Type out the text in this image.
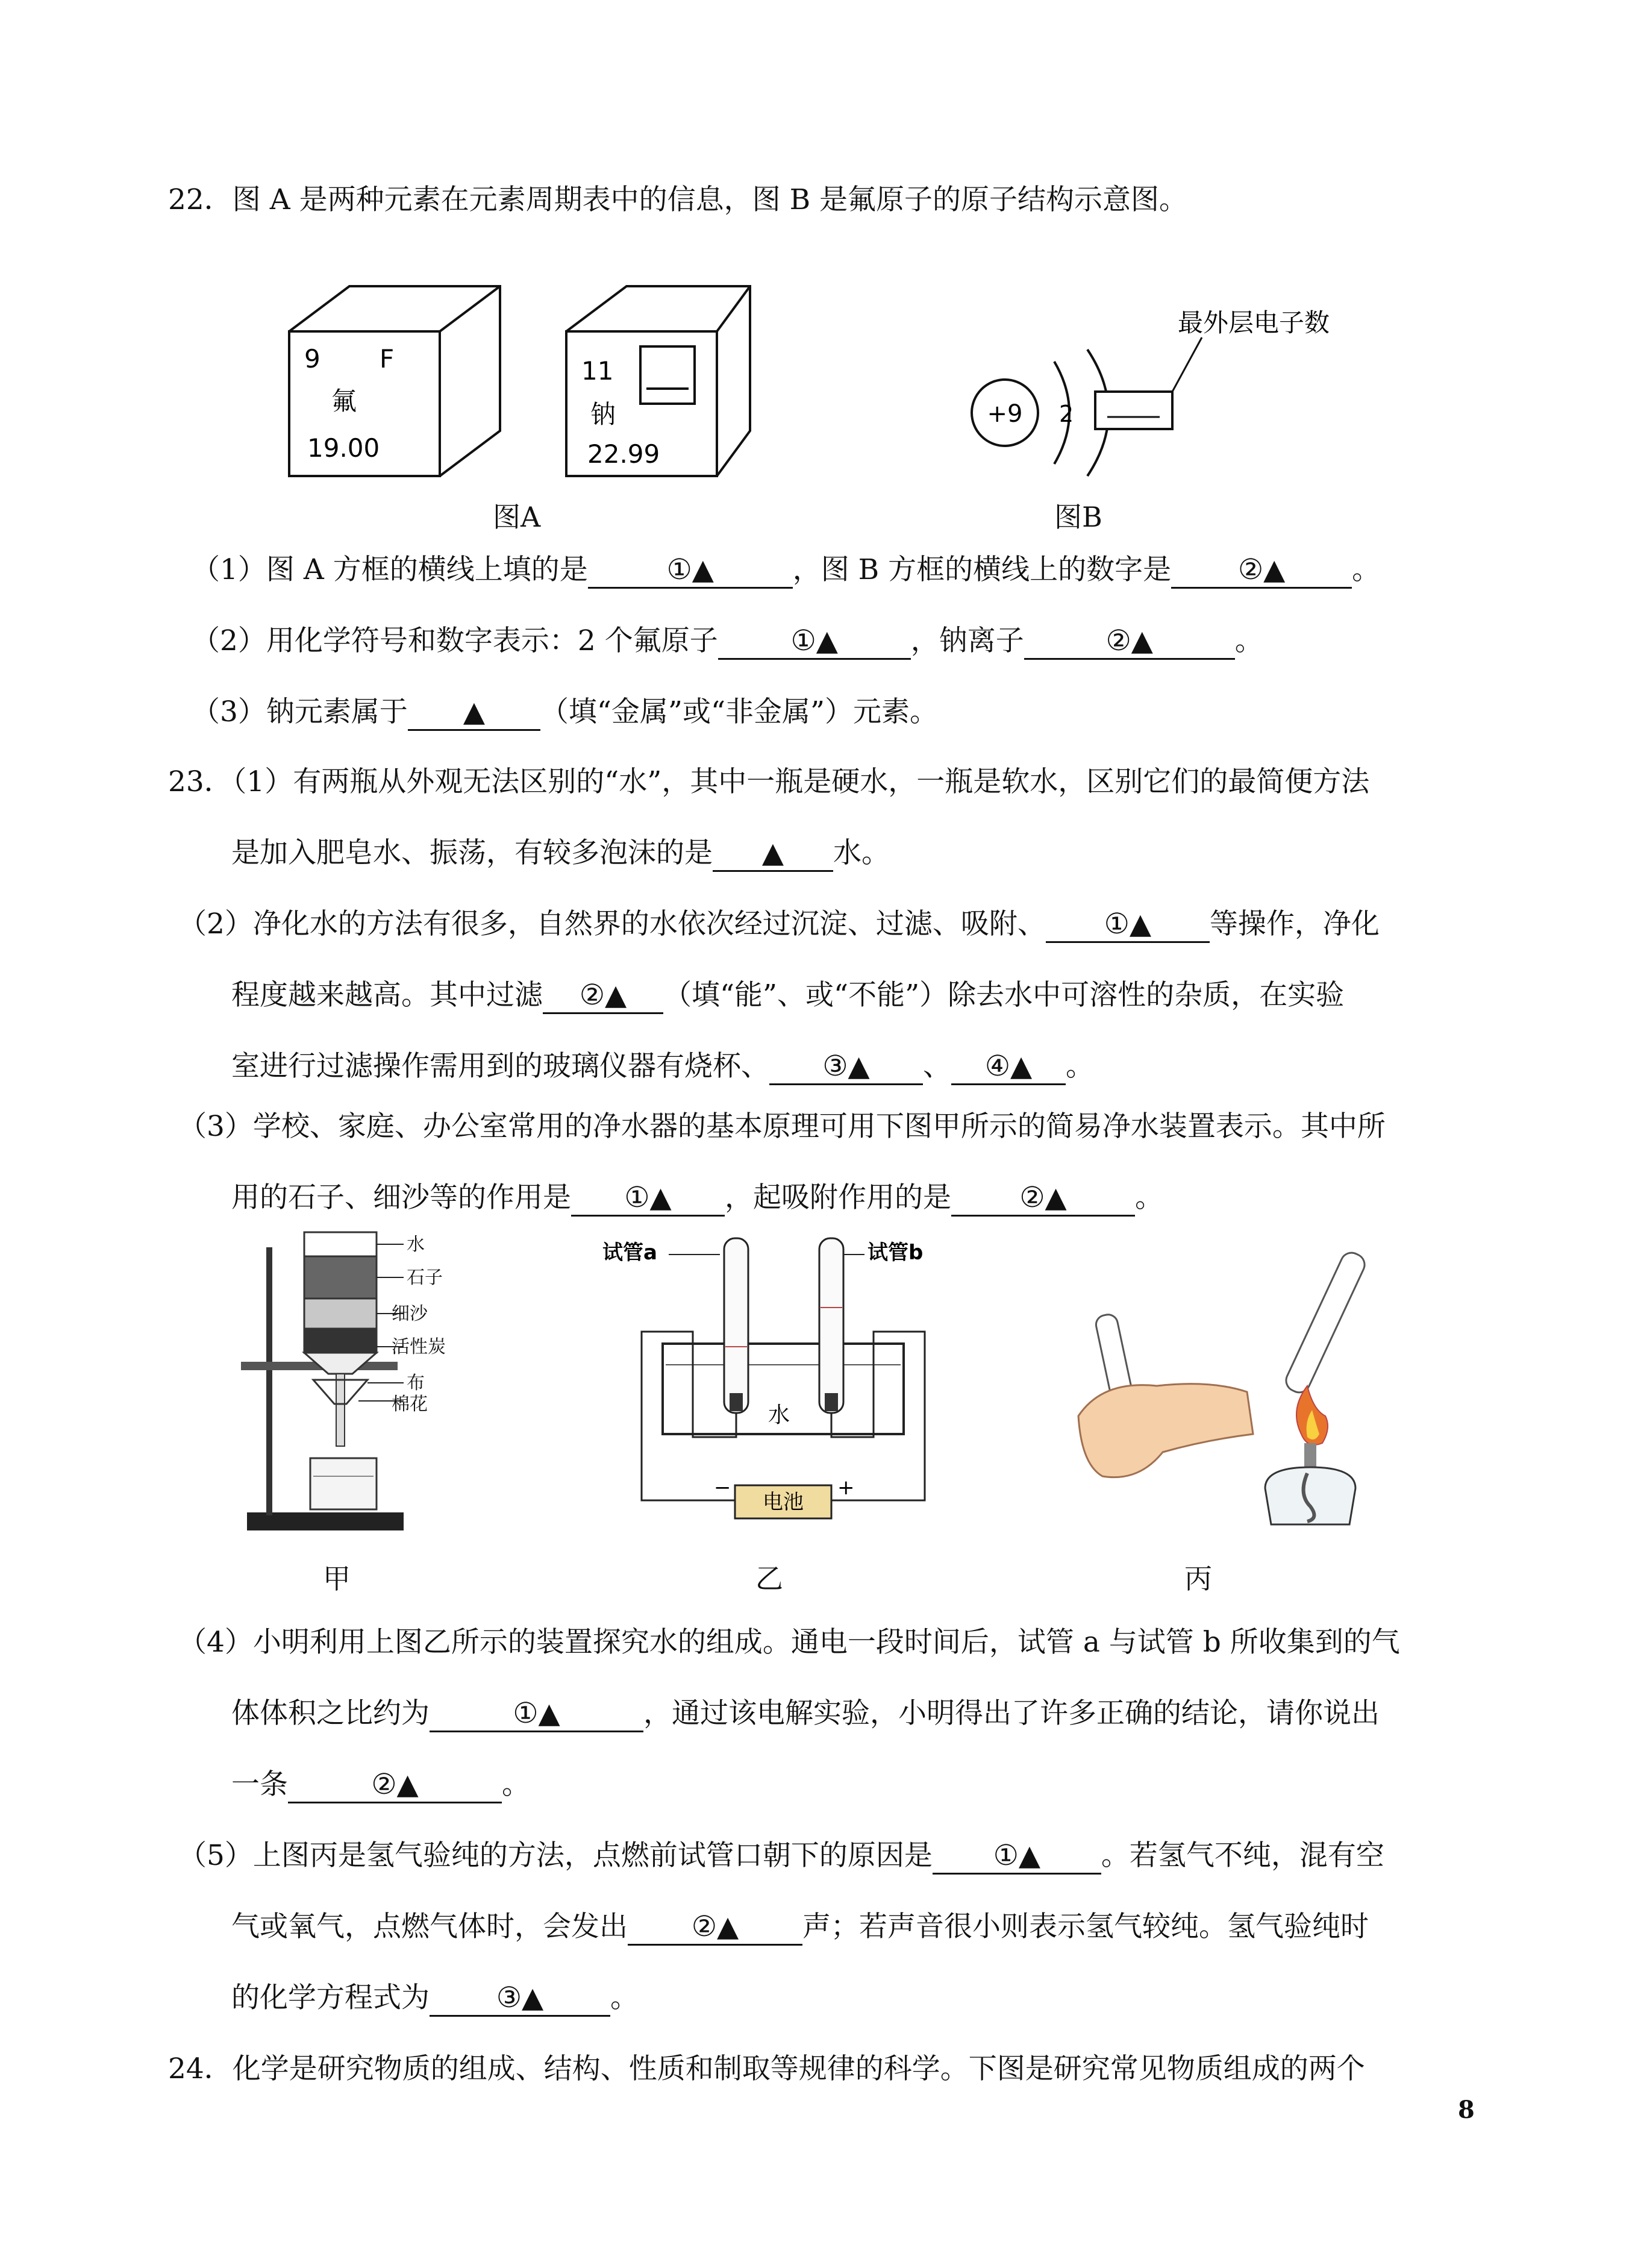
22．图 A 是两种元素在元素周期表中的信息，图 B 是氟原子的原子结构示意图。
9 F
氟
19.00
11
钠
22.99
图A
+9 2
最外层电子数
图B
（1）图 A 方框的横线上填的是	①▲	，图 B 方框的横线上的数字是 ②▲ 。
（2）用化学符号和数字表示：2 个氟原子	①▲	，钠离子	②▲	。
（3）钠元素属于 ▲ （填“金属”或“非金属”）元素。
23．（1）有两瓶从外观无法区别的“水”，其中一瓶是硬水，一瓶是软水，区别它们的最简便方法
是加入肥皂水、振荡，有较多泡沫的是 ▲ 水。
（2）净化水的方法有很多，自然界的水依次经过沉淀、过滤、吸附、 ①▲ 等操作，净化
程度越来越高。其中过滤 ②▲ （填“能”、或“不能”）除去水中可溶性的杂质，在实验
室进行过滤操作需用到的玻璃仪器有烧杯、 ③▲ 、 ④▲ 。
（3）学校、家庭、办公室常用的净水器的基本原理可用下图甲所示的简易净水装置表示。其中所
用的石子、细沙等的作用是 ①▲ ，起吸附作用的是 ②▲ 。
水
石子
细沙
活性炭
布
棉花
甲
试管a	试管b
水
电池
−	+
乙	丙
（4）小明利用上图乙所示的装置探究水的组成。通电一段时间后，试管 a 与试管 b 所收集到的气
体体积之比约为	①▲	，通过该电解实验，小明得出了许多正确的结论，请你说出
一条	②▲	。
（5）上图丙是氢气验纯的方法，点燃前试管口朝下的原因是 ①▲ 。若氢气不纯，混有空
气或氧气，点燃气体时，会发出 ②▲ 声；若声音很小则表示氢气较纯。氢气验纯时
的化学方程式为 ③▲ 。
24．化学是研究物质的组成、结构、性质和制取等规律的科学。下图是研究常见物质组成的两个
8
